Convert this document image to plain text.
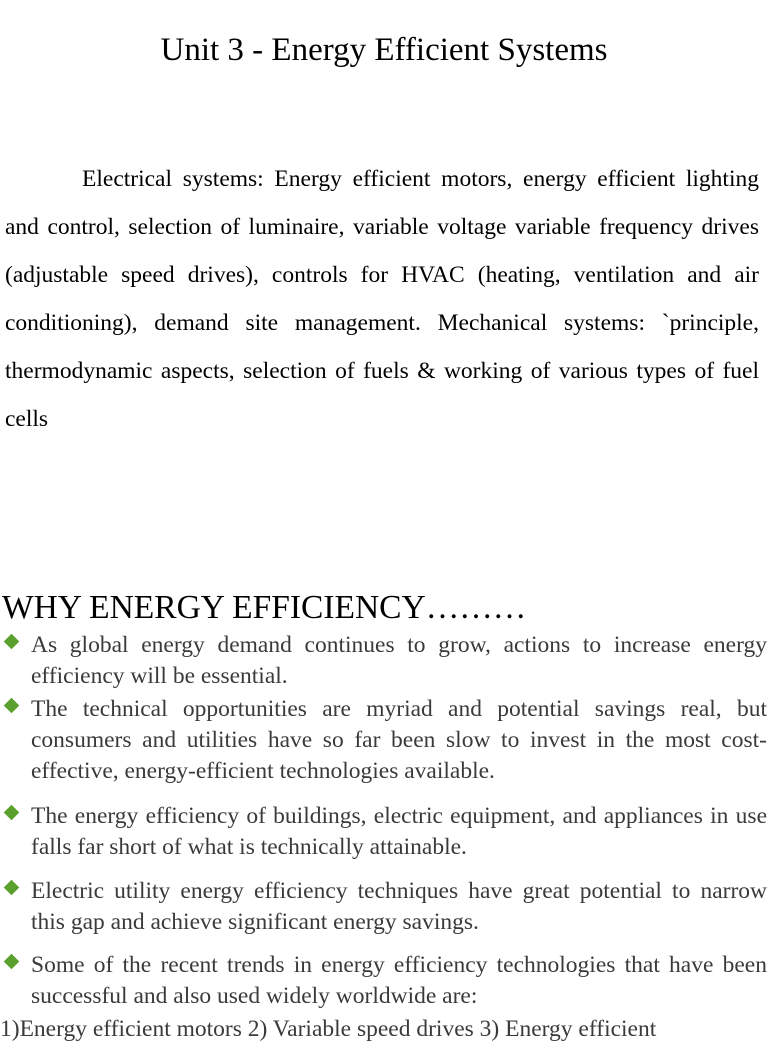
Unit 3 - Energy Efficient Systems

Electrical systems: Energy efficient motors, energy efficient lighting and control, selection of luminaire, variable voltage variable frequency drives (adjustable speed drives), controls for HVAC (heating, ventilation and air conditioning), demand site management. Mechanical systems: `principle, thermodynamic aspects, selection of fuels & working of various types of fuel cells

WHY ENERGY EFFICIENCY………
As global energy demand continues to grow, actions to increase energy efficiency will be essential.
The technical opportunities are myriad and potential savings real, but consumers and utilities have so far been slow to invest in the most cost-effective, energy-efficient technologies available.
The energy efficiency of buildings, electric equipment, and appliances in use falls far short of what is technically attainable.
Electric utility energy efficiency techniques have great potential to narrow this gap and achieve significant energy savings.
Some of the recent trends in energy efficiency technologies that have been successful and also used widely worldwide are:
1)Energy efficient motors 2) Variable speed drives 3) Energy efficient
